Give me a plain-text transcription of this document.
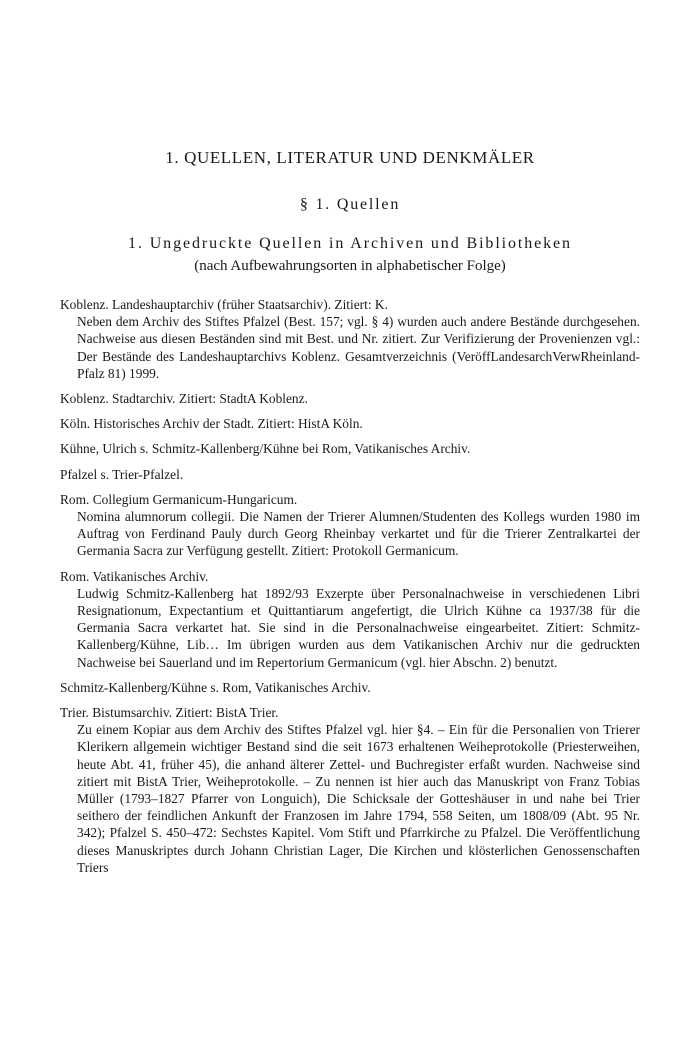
1. QUELLEN, LITERATUR UND DENKMÄLER
§ 1. Quellen
1. Ungedruckte Quellen in Archiven und Bibliotheken

(nach Aufbewahrungsorten in alphabetischer Folge)

Koblenz. Landeshauptarchiv (früher Staatsarchiv). Zitiert: K.

Neben dem Archiv des Stiftes Pfalzel (Best. 157; vgl. § 4) wurden auch andere Bestände durchgesehen. Nachweise aus diesen Beständen sind mit Best. und Nr. zitiert. Zur Verifizierung der Provenienzen vgl.: Der Bestände des Landeshauptarchivs Koblenz. Gesamtverzeichnis (VeröffLandesarchVerwRheinland-Pfalz 81) 1999.

Koblenz. Stadtarchiv. Zitiert: StadtA Koblenz.

Köln. Historisches Archiv der Stadt. Zitiert: HistA Köln.

Kühne, Ulrich s. Schmitz-Kallenberg/Kühne bei Rom, Vatikanisches Archiv.

Pfalzel s. Trier-Pfalzel.

Rom. Collegium Germanicum-Hungaricum.

Nomina alumnorum collegii. Die Namen der Trierer Alumnen/Studenten des Kollegs wurden 1980 im Auftrag von Ferdinand Pauly durch Georg Rheinbay verkartet und für die Trierer Zentralkartei der Germania Sacra zur Verfügung gestellt. Zitiert: Protokoll Germanicum.

Rom. Vatikanisches Archiv.

Ludwig Schmitz-Kallenberg hat 1892/93 Exzerpte über Personalnachweise in verschiedenen Libri Resignationum, Expectantium et Quittantiarum angefertigt, die Ulrich Kühne ca 1937/38 für die Germania Sacra verkartet hat. Sie sind in die Personalnachweise eingearbeitet. Zitiert: Schmitz-Kallenberg/Kühne, Lib… Im übrigen wurden aus dem Vatikanischen Archiv nur die gedruckten Nachweise bei Sauerland und im Repertorium Germanicum (vgl. hier Abschn. 2) benutzt.

Schmitz-Kallenberg/Kühne s. Rom, Vatikanisches Archiv.

Trier. Bistumsarchiv. Zitiert: BistA Trier.

Zu einem Kopiar aus dem Archiv des Stiftes Pfalzel vgl. hier §4. – Ein für die Personalien von Trierer Klerikern allgemein wichtiger Bestand sind die seit 1673 erhaltenen Weiheprotokolle (Priesterweihen, heute Abt. 41, früher 45), die anhand älterer Zettel- und Buchregister erfaßt wurden. Nachweise sind zitiert mit BistA Trier, Weiheprotokolle. – Zu nennen ist hier auch das Manuskript von Franz Tobias Müller (1793–1827 Pfarrer von Longuich), Die Schicksale der Gotteshäuser in und nahe bei Trier seithero der feindlichen Ankunft der Franzosen im Jahre 1794, 558 Seiten, um 1808/09 (Abt. 95 Nr. 342); Pfalzel S. 450–472: Sechstes Kapitel. Vom Stift und Pfarrkirche zu Pfalzel. Die Veröffentlichung dieses Manuskriptes durch Johann Christian Lager, Die Kirchen und klösterlichen Genossenschaften Triers
